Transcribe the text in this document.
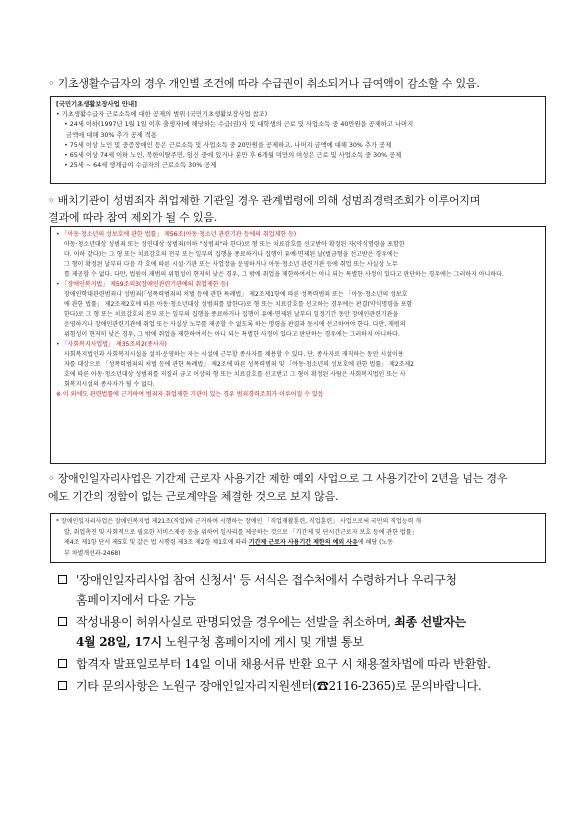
◦ 기초생활수급자의 경우 개인별 조건에 따라 수급권이 취소되거나 급여액이 감소할 수 있음.
[국민기초생활보장사업 안내]
• 기초생활수급자 근로소득에 대한 공제의 범위 (국민기초생활보장사업 참조)
• 24세 이하(1997년 1월 1일 이후 출생자)에 해당하는 수급(권)자 및 대학생의 근로 및 사업소득 중 40만원을 공제하고 나머지
금액에 대해 30% 추가 공제 적용
• 75세 이상 노인 및 중증장애인 등은 근로소득 및 사업소득 중 20만원을 공제하고, 나머지 금액에 대해 30% 추가 공제
• 65세 이상 74세 이하 노인, 북한이탈주민, 임신 중에 있거나 분만 후 6개월 미만의 여성은 근로 및 사업소득 중 30% 공제
• 25세 ~ 64세 생계급여 수급자의 근로소득 30% 공제
◦ 배치기관이 성범죄자 취업제한 기관일 경우 관계법령에 의해 성범죄경력조회가 이루어지며
결과에 따라 참여 제외가 될 수 있음.
• 「아동·청소년의 성보호에 관한 법률」 제56조(아동·청소년 관련기관 등에의 취업제한 등)
아동·청소년대상 성범죄 또는 성인대상 성범죄(이하 "성범죄"라 한다)로 형 또는 치료감호를 선고받아 확정된 자(약식명령을 포함한
다. 이하 같다)는 그 형 또는 치료감호의 전부 또는 일부의 집행을 종료하거나 집행이 유예·면제된 날(벌금형을 선고받은 경우에는
그 형이 확정된 날부터 다음 각 호에 따른 시설·기관 또는 사업장을 운영하거나 아동·청소년 관련기관 등에 취업 또는 사실상 노무
를 제공할 수 없다. 다만, 법원이 재범의 위험성이 현저히 낮은 경우, 그 밖에 취업을 제한하여서는 아니 되는 특별한 사정이 있다고 판단하는 경우에는 그러하지 아니하다.
• 「장애인복지법」 제59조의3(장애인관련기관에의 취업제한 등)
장애인학대관련범죄나 성범죄(「성폭력범죄의 처벌 등에 관한 특례법」 제2조제1항에 따른 성폭력범죄 또는 「아동·청소년의 성보호
에 관한 법률」 제2조제2호에 따른 아동·청소년대상 성범죄를 말한다)로 형 또는 치료감호를 선고하는 경우에는 판결(약식명령을 포함
한다)로 그 형 또는 치료감호의 전부 또는 일부의 집행을 종료하거나 집행이 유예·면제된 날부터 일정기간 동안 장애인관련기관을
운영하거나 장애인관련기관에 취업 또는 사실상 노무를 제공할 수 없도록 하는 명령을 판결과 동시에 선고하여야 한다. 다만, 재범의
위험성이 현저히 낮은 경우, 그 밖에 취업을 제한하여서는 아니 되는 특별한 사정이 있다고 판단하는 경우에는 그러하지 아니하다.
• 「사회복지사업법」 제35조의2(종사자)
사회복지법인과 사회복지시설을 설치·운영하는 자는 시설에 근무할 종사자를 채용할 수 있다. 단, 종사자로 재직하는 동안 시설이용
자를 대상으로 「성폭력범죄의 처벌 등에 관한 특례법」 제2조에 따른 성폭력범죄 및 「아동·청소년의 성보호에 관한 법률」 제2조제2
호에 따른 아동·청소년대상 성범죄를 저질러 금고 이상의 형 또는 치료감호를 선고받고 그 형이 확정된 사람은 사회복지법인 또는 사
회복지시설의 종사자가 될 수 없다.
※ 이 외에도 관련법률에 근거하여 범죄자 취업제한 기관이 있는 경우 범죄경력조회가 이루어질 수 있음
◦ 장애인일자리사업은 기간제 근로자 사용기간 제한 예외 사업으로 그 사용기간이 2년을 넘는 경우
에도 기간의 정함이 없는 근로계약을 체결한 것으로 보지 않음.
* 장애인일자리사업은 장애인복지법 제21조(직업)에 근거하여 시행하는 장애인 「직업재활훈련, 직업훈련」 사업으로써 국민의 직업능력 개
발, 취업촉진 및 사회적으로 필요한 서비스제공 등을 위하여 일자리를 제공하는 것으로 「기간제 및 단시간근로자 보호 등에 관한 법률」
제4조 제1항 단서 제5호 및 같은 법 시행령 제3조 제2항 제1호에 따라 기간제 근로자 사용기간 제한의 예외 사유에 해당 (노동
부 차별개선과-2468)
'장애인일자리사업 참여 신청서' 등 서식은 접수처에서 수령하거나 우리구청
홈페이지에서 다운 가능
작성내용이 허위사실로 판명되었을 경우에는 선발을 취소하며, 최종 선발자는
4월 28일, 17시 노원구청 홈페이지에 게시 및 개별 통보
합격자 발표일로부터 14일 이내 채용서류 반환 요구 시 채용절차법에 따라 반환함.
기타 문의사항은 노원구 장애인일자리지원센터(☎2116-2365)로 문의바랍니다.
